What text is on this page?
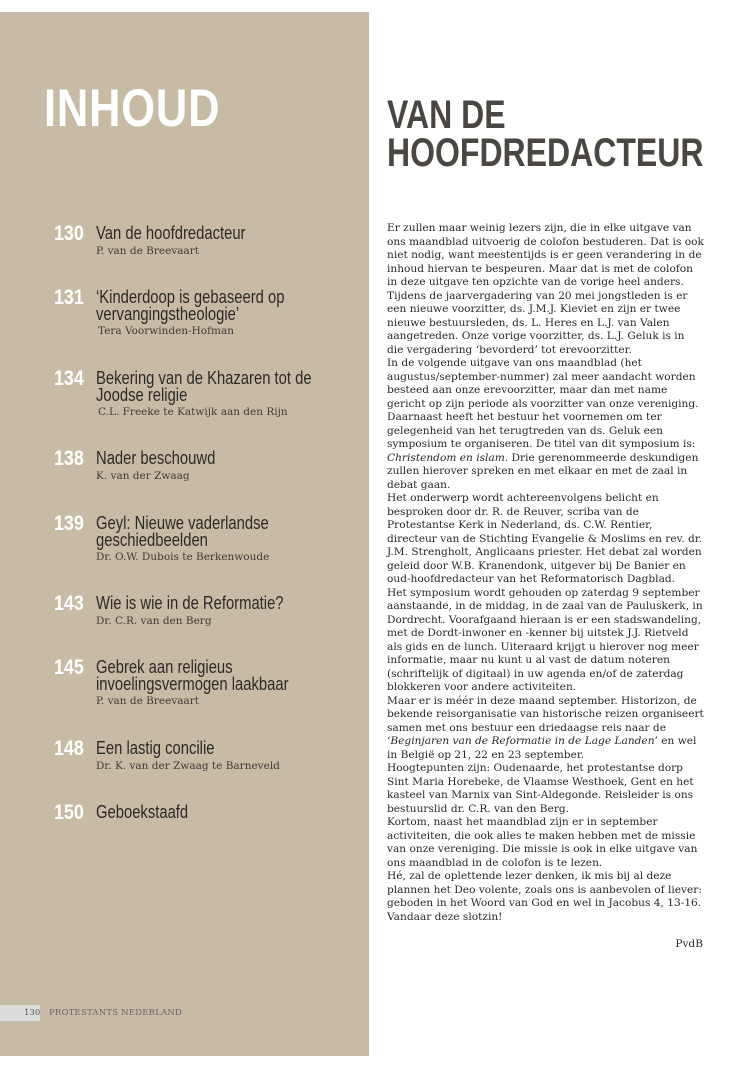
INHOUD
130 Van de hoofdredacteur
P. van de Breevaart
131 ‘Kinderdoop is gebaseerd op vervangingstheologie’
Tera Voorwinden-Hofman
134 Bekering van de Khazaren tot de Joodse religie
C.L. Freeke te Katwijk aan den Rijn
138 Nader beschouwd
K. van der Zwaag
139 Geyl: Nieuwe vaderlandse geschiedbeelden
Dr. O.W. Dubois te Berkenwoude
143 Wie is wie in de Reformatie?
Dr. C.R. van den Berg
145 Gebrek aan religieus invoelingsvermogen laakbaar
P. van de Breevaart
148 Een lastig concilie
Dr. K. van der Zwaag te Barneveld
150 Geboekstaafd
130 PROTESTANTS NEDERLAND
VAN DE
HOOFDREDACTEUR

Er zullen maar weinig lezers zijn, die in elke uitgave van ons maandblad uitvoerig de colofon bestuderen. Dat is ook niet nodig, want meestentijds is er geen verandering in de inhoud hiervan te bespeuren. Maar dat is met de colofon in deze uitgave ten opzichte van de vorige heel anders.

Tijdens de jaarvergadering van 20 mei jongstleden is er een nieuwe voorzitter, ds. J.M.J. Kieviet en zijn er twee nieuwe bestuursleden, ds. L. Heres en L.J. van Valen aangetreden. Onze vorige voorzitter, ds. L.J. Geluk is in die vergadering ‘bevorderd’ tot erevoorzitter.

In de volgende uitgave van ons maandblad (het augustus/september-nummer) zal meer aandacht worden besteed aan onze erevoorzitter, maar dan met name gericht op zijn periode als voorzitter van onze vereniging.

Daarnaast heeft het bestuur het voornemen om ter gelegenheid van het terugtreden van ds. Geluk een symposium te organiseren. De titel van dit symposium is: Christendom en islam. Drie gerenommeerde deskundigen zullen hierover spreken en met elkaar en met de zaal in debat gaan.

Het onderwerp wordt achtereenvolgens belicht en besproken door dr. R. de Reuver, scriba van de Protestantse Kerk in Nederland, ds. C.W. Rentier, directeur van de Stichting Evangelie & Moslims en rev. dr. J.M. Strengholt, Anglicaans priester. Het debat zal worden geleid door W.B. Kranendonk, uitgever bij De Banier en oud-hoofdredacteur van het Reformatorisch Dagblad.

Het symposium wordt gehouden op zaterdag 9 september aanstaande, in de middag, in de zaal van de Pauluskerk, in Dordrecht. Voorafgaand hieraan is er een stadswandeling, met de Dordt-inwoner en -kenner bij uitstek J.J. Rietveld als gids en de lunch. Uiteraard krijgt u hierover nog meer informatie, maar nu kunt u al vast de datum noteren (schriftelijk of digitaal) in uw agenda en/of de zaterdag blokkeren voor andere activiteiten.

Maar er is méér in deze maand september. Historizon, de bekende reisorganisatie van historische reizen organiseert samen met ons bestuur een driedaagse reis naar de ‘Beginjaren van de Reformatie in de Lage Landen’ en wel in België op 21, 22 en 23 september.

Hoogtepunten zijn: Oudenaarde, het protestantse dorp Sint Maria Horebeke, de Vlaamse Westhoek, Gent en het kasteel van Marnix van Sint-Aldegonde. Reisleider is ons bestuurslid dr. C.R. van den Berg.

Kortom, naast het maandblad zijn er in september activiteiten, die ook alles te maken hebben met de missie van onze vereniging. Die missie is ook in elke uitgave van ons maandblad in de colofon is te lezen.

Hé, zal de oplettende lezer denken, ik mis bij al deze plannen het Deo volente, zoals ons is aanbevolen of liever: geboden in het Woord van God en wel in Jacobus 4, 13-16. Vandaar deze slotzin!

PvdB
